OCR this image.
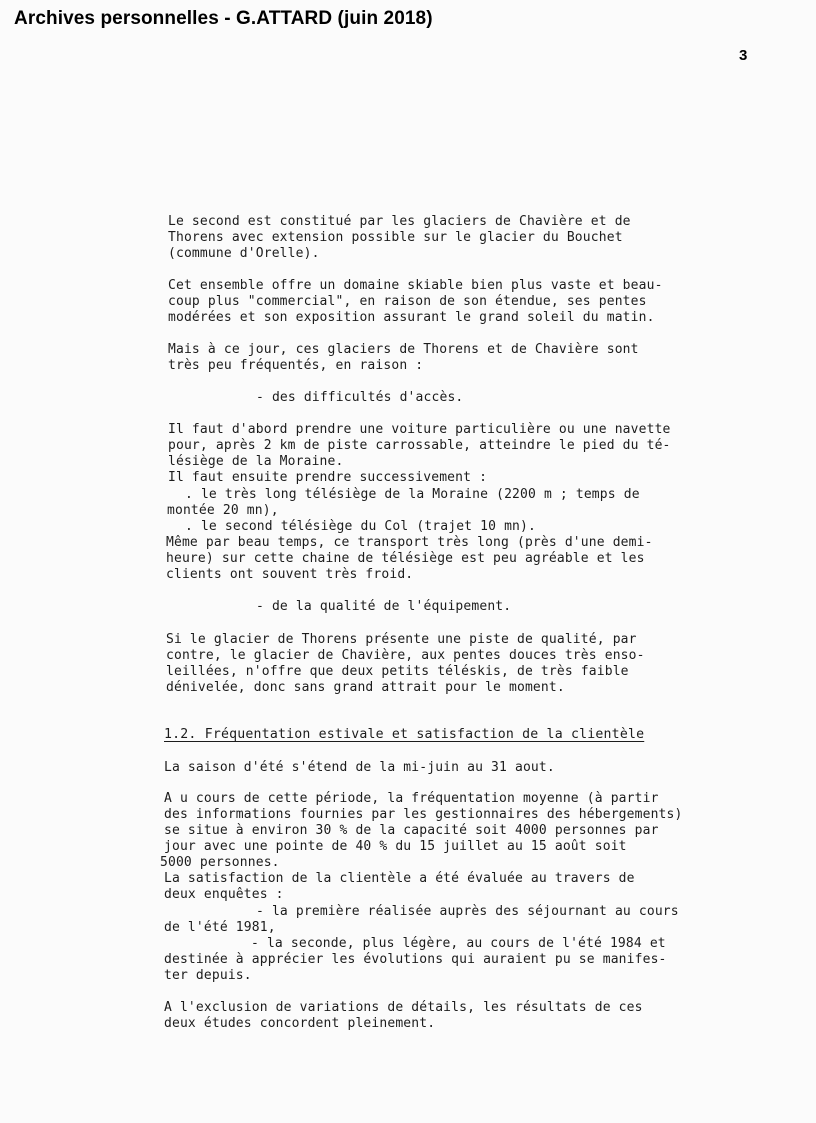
Archives personnelles - G.ATTARD (juin 2018)
3
Le second est constitué par les glaciers de Chavière et de
Thorens avec extension possible sur le glacier du Bouchet
(commune d'Orelle).
Cet ensemble offre un domaine skiable bien plus vaste et beau-
coup plus "commercial", en raison de son étendue, ses pentes
modérées et son exposition assurant le grand soleil du matin.
Mais à ce jour, ces glaciers de Thorens et de Chavière sont
très peu fréquentés, en raison :
- des difficultés d'accès.
Il faut d'abord prendre une voiture particulière ou une navette
pour, après 2 km de piste carrossable, atteindre le pied du té-
lésiège de la Moraine.
Il faut ensuite prendre successivement :
. le très long télésiège de la Moraine (2200 m ; temps de
montée 20 mn),
. le second télésiège du Col (trajet 10 mn).
Même par beau temps, ce transport très long (près d'une demi-
heure) sur cette chaine de télésiège est peu agréable et les
clients ont souvent très froid.
- de la qualité de l'équipement.
Si le glacier de Thorens présente une piste de qualité, par
contre, le glacier de Chavière, aux pentes douces très enso-
leillées, n'offre que deux petits téléskis, de très faible
dénivelée, donc sans grand attrait pour le moment.
1.2. Fréquentation estivale et satisfaction de la clientèle
La saison d'été s'étend de la mi-juin au 31 aout.
A u cours de cette période, la fréquentation moyenne (à partir
des informations fournies par les gestionnaires des hébergements)
se situe à environ 30 % de la capacité soit 4000 personnes par
jour avec une pointe de 40 % du 15 juillet au 15 août soit
5000 personnes.
La satisfaction de la clientèle a été évaluée au travers de
deux enquêtes :
- la première réalisée auprès des séjournant au cours
de l'été 1981,
- la seconde, plus légère, au cours de l'été 1984 et
destinée à apprécier les évolutions qui auraient pu se manifes-
ter depuis.
A l'exclusion de variations de détails, les résultats de ces
deux études concordent pleinement.
